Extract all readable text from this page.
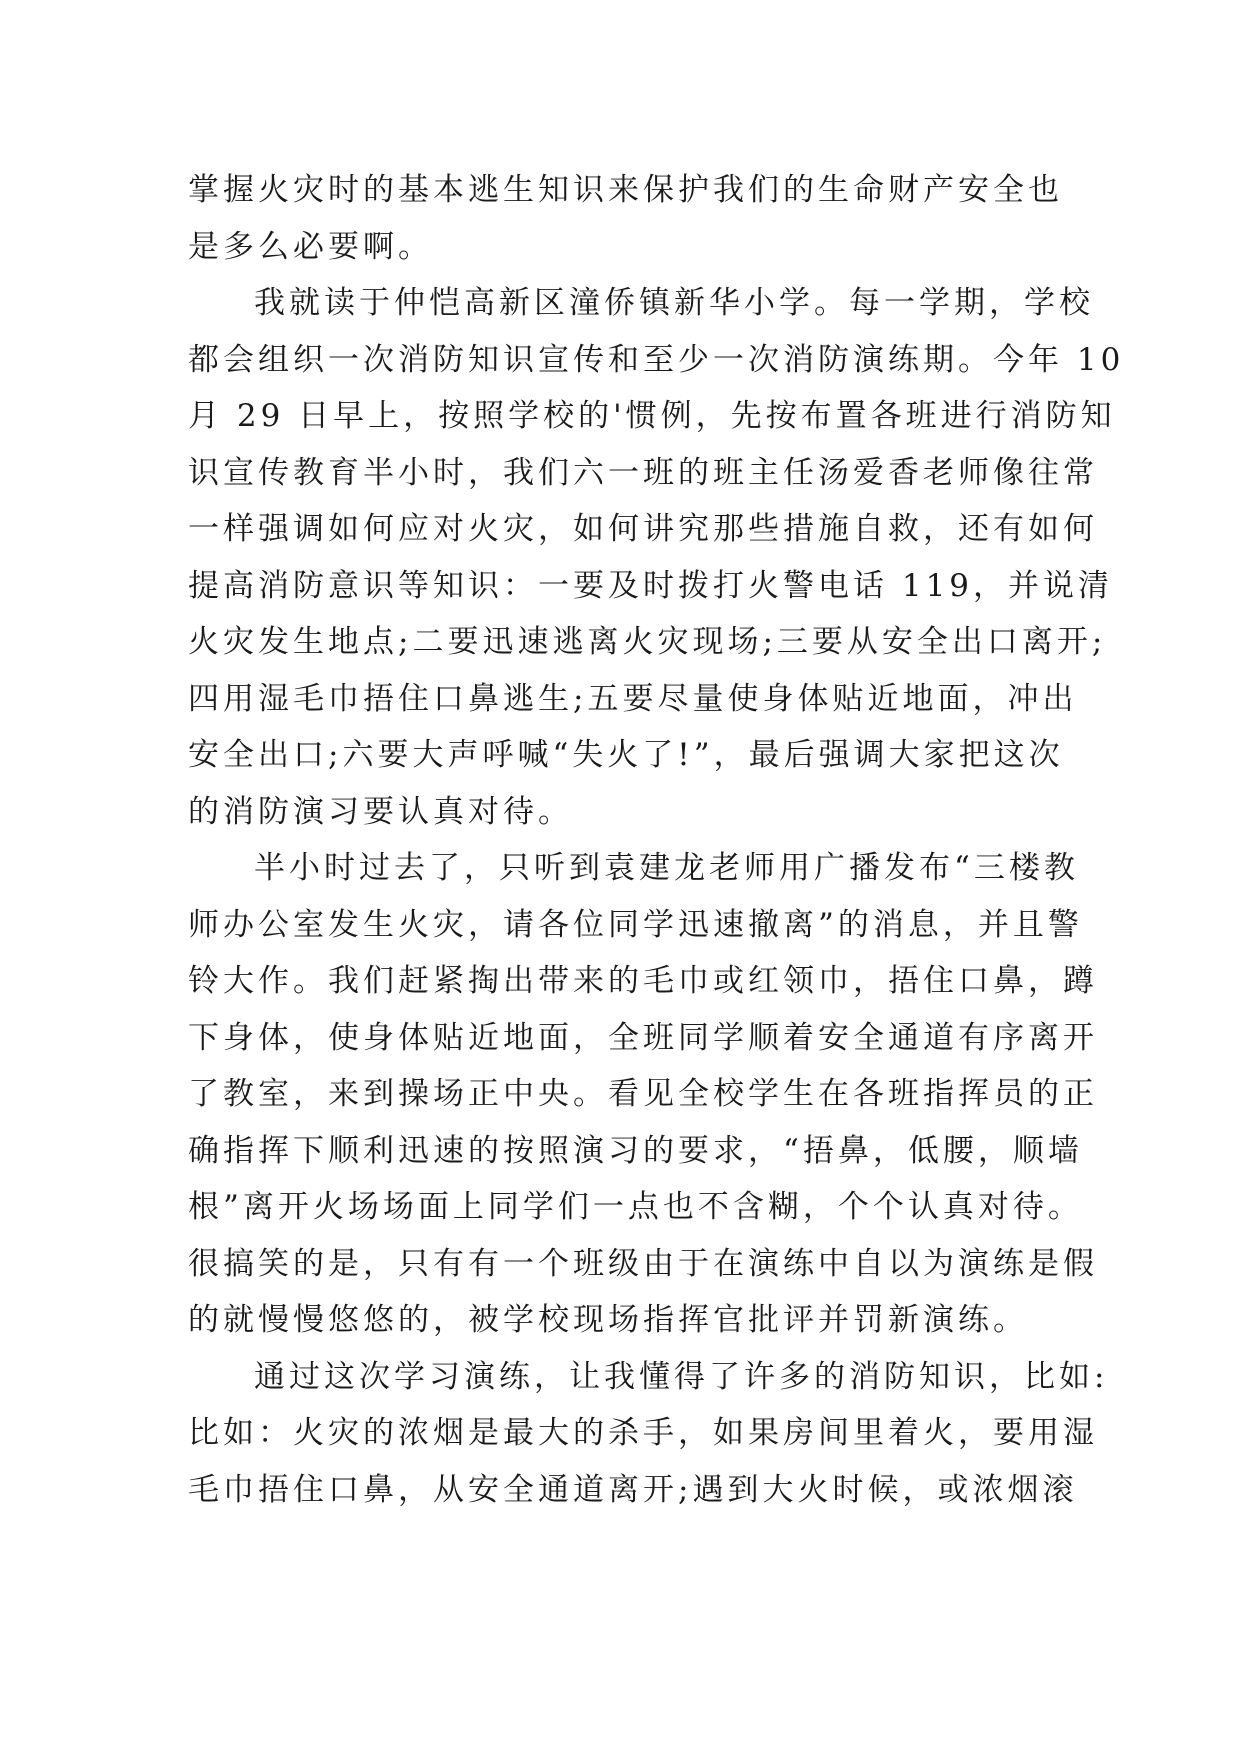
掌握火灾时的基本逃生知识来保护我们的生命财产安全也
是多么必要啊。
我就读于仲恺高新区潼侨镇新华小学。每一学期，学校
都会组织一次消防知识宣传和至少一次消防演练期。今年 10
月 29 日早上，按照学校的'惯例，先按布置各班进行消防知
识宣传教育半小时，我们六一班的班主任汤爱香老师像往常
一样强调如何应对火灾，如何讲究那些措施自救，还有如何
提高消防意识等知识：一要及时拨打火警电话 119，并说清
火灾发生地点;二要迅速逃离火灾现场;三要从安全出口离开;
四用湿毛巾捂住口鼻逃生;五要尽量使身体贴近地面，冲出
安全出口;六要大声呼喊“失火了!”，最后强调大家把这次
的消防演习要认真对待。
半小时过去了，只听到袁建龙老师用广播发布“三楼教
师办公室发生火灾，请各位同学迅速撤离”的消息，并且警
铃大作。我们赶紧掏出带来的毛巾或红领巾，捂住口鼻，蹲
下身体，使身体贴近地面，全班同学顺着安全通道有序离开
了教室，来到操场正中央。看见全校学生在各班指挥员的正
确指挥下顺利迅速的按照演习的要求，“捂鼻，低腰，顺墙
根”离开火场场面上同学们一点也不含糊，个个认真对待。
很搞笑的是，只有有一个班级由于在演练中自以为演练是假
的就慢慢悠悠的，被学校现场指挥官批评并罚新演练。
通过这次学习演练，让我懂得了许多的消防知识，比如:
比如：火灾的浓烟是最大的杀手，如果房间里着火，要用湿
毛巾捂住口鼻，从安全通道离开;遇到大火时候，或浓烟滚
